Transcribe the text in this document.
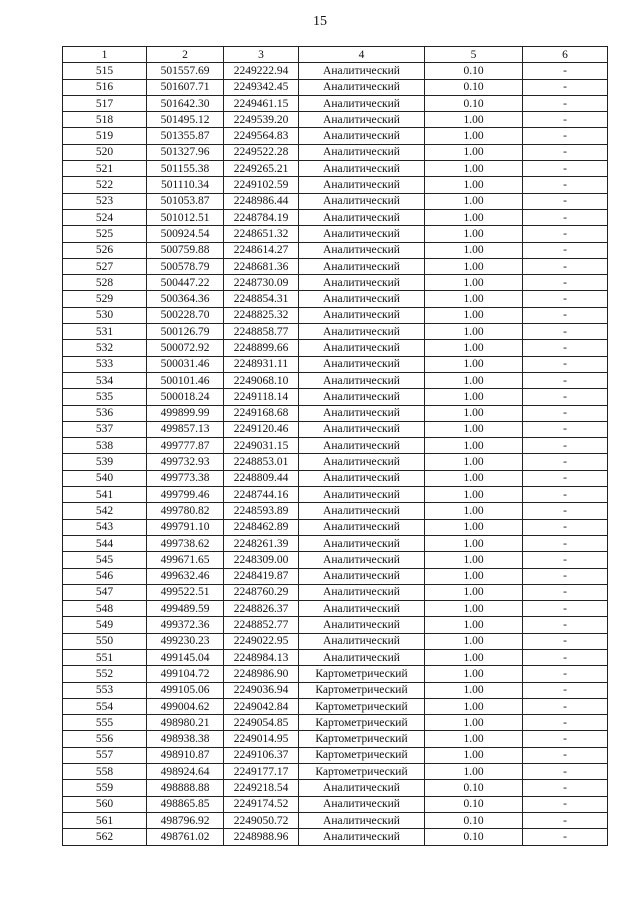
15
1	2	3	4	5	6
515	501557.69	2249222.94	Аналитический	0.10	-
516	501607.71	2249342.45	Аналитический	0.10	-
517	501642.30	2249461.15	Аналитический	0.10	-
518	501495.12	2249539.20	Аналитический	1.00	-
519	501355.87	2249564.83	Аналитический	1.00	-
520	501327.96	2249522.28	Аналитический	1.00	-
521	501155.38	2249265.21	Аналитический	1.00	-
522	501110.34	2249102.59	Аналитический	1.00	-
523	501053.87	2248986.44	Аналитический	1.00	-
524	501012.51	2248784.19	Аналитический	1.00	-
525	500924.54	2248651.32	Аналитический	1.00	-
526	500759.88	2248614.27	Аналитический	1.00	-
527	500578.79	2248681.36	Аналитический	1.00	-
528	500447.22	2248730.09	Аналитический	1.00	-
529	500364.36	2248854.31	Аналитический	1.00	-
530	500228.70	2248825.32	Аналитический	1.00	-
531	500126.79	2248858.77	Аналитический	1.00	-
532	500072.92	2248899.66	Аналитический	1.00	-
533	500031.46	2248931.11	Аналитический	1.00	-
534	500101.46	2249068.10	Аналитический	1.00	-
535	500018.24	2249118.14	Аналитический	1.00	-
536	499899.99	2249168.68	Аналитический	1.00	-
537	499857.13	2249120.46	Аналитический	1.00	-
538	499777.87	2249031.15	Аналитический	1.00	-
539	499732.93	2248853.01	Аналитический	1.00	-
540	499773.38	2248809.44	Аналитический	1.00	-
541	499799.46	2248744.16	Аналитический	1.00	-
542	499780.82	2248593.89	Аналитический	1.00	-
543	499791.10	2248462.89	Аналитический	1.00	-
544	499738.62	2248261.39	Аналитический	1.00	-
545	499671.65	2248309.00	Аналитический	1.00	-
546	499632.46	2248419.87	Аналитический	1.00	-
547	499522.51	2248760.29	Аналитический	1.00	-
548	499489.59	2248826.37	Аналитический	1.00	-
549	499372.36	2248852.77	Аналитический	1.00	-
550	499230.23	2249022.95	Аналитический	1.00	-
551	499145.04	2248984.13	Аналитический	1.00	-
552	499104.72	2248986.90	Картометрический	1.00	-
553	499105.06	2249036.94	Картометрический	1.00	-
554	499004.62	2249042.84	Картометрический	1.00	-
555	498980.21	2249054.85	Картометрический	1.00	-
556	498938.38	2249014.95	Картометрический	1.00	-
557	498910.87	2249106.37	Картометрический	1.00	-
558	498924.64	2249177.17	Картометрический	1.00	-
559	498888.88	2249218.54	Аналитический	0.10	-
560	498865.85	2249174.52	Аналитический	0.10	-
561	498796.92	2249050.72	Аналитический	0.10	-
562	498761.02	2248988.96	Аналитический	0.10	-
